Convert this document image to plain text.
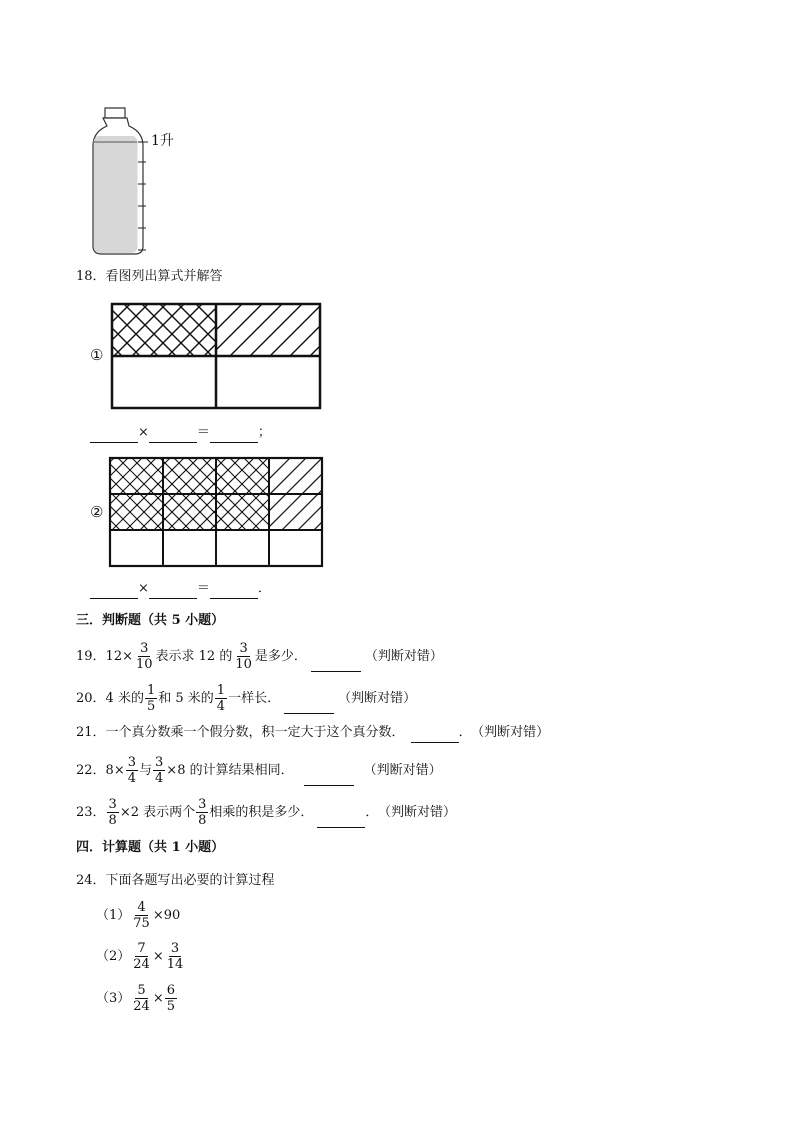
1升
18．看图列出算式并解答
①
×	＝	；
②
×	＝	．
三．判断题（共 5 小题）
19．$12\times \frac{3}{10}$ 表示求 12 的 $\frac{3}{10}$ 是多少．	（判断对错）
20．4 米的 $\frac{1}{5}$ 和 5 米的 $\frac{1}{4}$ 一样长．	（判断对错）
21．一个真分数乘一个假分数，积一定大于这个真分数．	． （判断对错）
22．$8\times \frac{3}{4}$ 与 $\frac{3}{4} \times 8$ 的计算结果相同．	（判断对错）
23． $\frac{3}{8} \times 2$ 表示两个 $\frac{3}{8}$ 相乘的积是多少．	． （判断对错）
四．计算题（共 1 小题）
24．下面各题写出必要的计算过程
$(1) \frac{4}{75} \times 90$
$(2) \frac{7}{24} \times \frac{3}{14}$
$(3) \frac{5}{24} \times \frac{6}{5}$
